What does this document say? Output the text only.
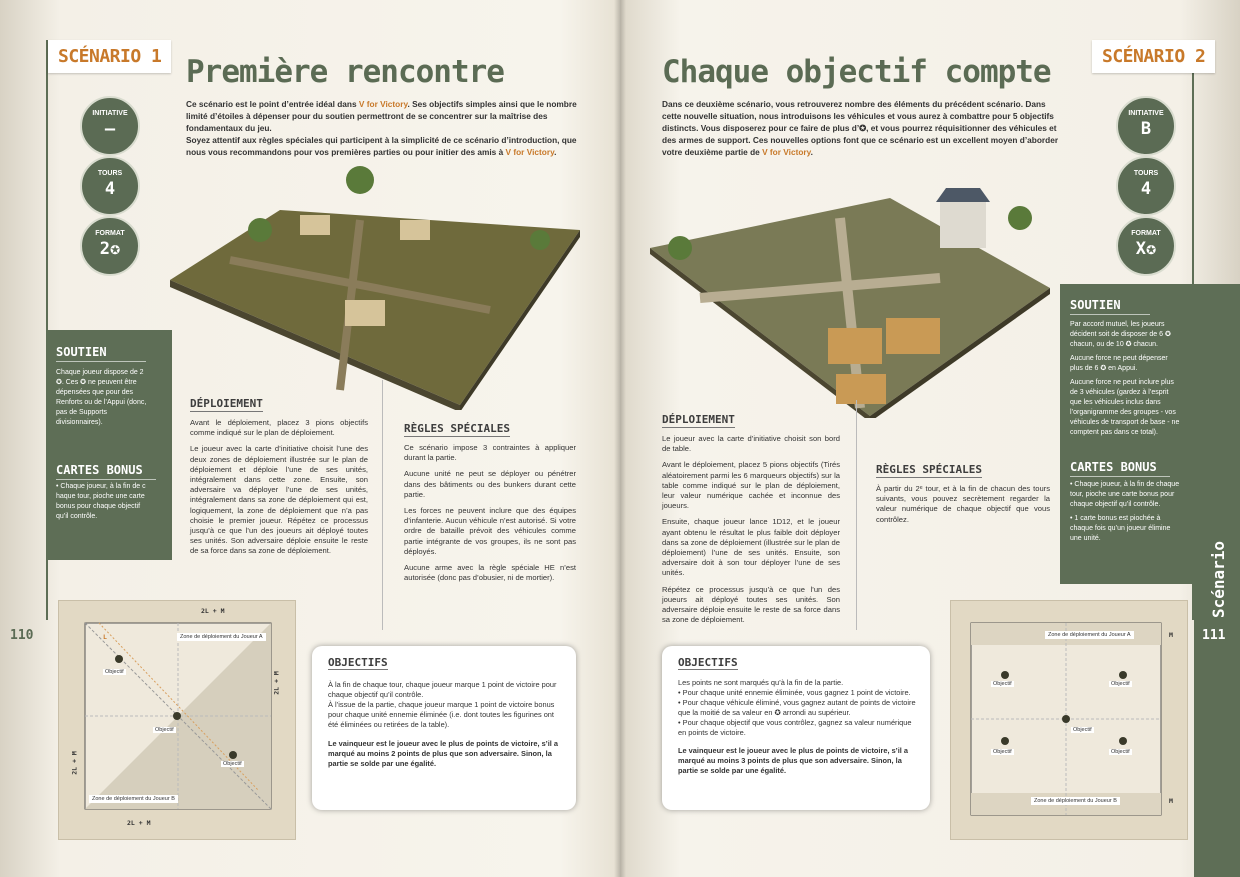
SCÉNARIO 1 Première rencontre
Ce scénario est le point d’entrée idéal dans V for Victory. Ses objectifs simples ainsi que le nombre limité d’étoiles à dépenser pour du soutien permettront de se concentrer sur la maîtrise des fondamentaux du jeu.
Soyez attentif aux règles spéciales qui participent à la simplicité de ce scénario d’introduction, que nous vous recommandons pour vos premières parties ou pour initier des amis à V for Victory.
INITIATIVE
–
TOURS
4
FORMAT
2✪
SOUTIEN
Chaque joueur dispose de 2 ✪. Ces ✪ ne peuvent être dépensées que pour des Renforts ou de l’Appui (donc, pas de Supports divisionnaires).
CARTES BONUS
• Chaque joueur, à la fin de c haque tour, pioche une carte bonus pour chaque objectif qu’il contrôle.
DÉPLOIEMENT

Avant le déploiement, placez 3 pions objectifs comme indiqué sur le plan de déploiement.

Le joueur avec la carte d’initiative choisit l’une des deux zones de déploiement illustrée sur le plan de déploiement et déploie l’une de ses unités, intégralement dans cette zone. Ensuite, son adversaire va déployer l’une de ses unités, intégralement dans sa zone de déploiement qui est, logiquement, la zone de déploiement que n’a pas choisie le premier joueur. Répétez ce processus jusqu’à ce que l’un des joueurs ait déployé toutes ses unités. Son adversaire déploie ensuite le reste de sa force dans sa zone de déploiement.

RÈGLES SPÉCIALES

Ce scénario impose 3 contraintes à appliquer durant la partie.

Aucune unité ne peut se déployer ou pénétrer dans des bâtiments ou des bunkers durant cette partie.

Les forces ne peuvent inclure que des équipes d’infanterie. Aucun véhicule n’est autorisé. Si votre ordre de bataille prévoit des véhicules comme partie intégrante de vos groupes, ils ne sont pas déployés.

Aucune arme avec la règle spéciale HE n’est autorisée (donc pas d’obusier, ni de mortier).

2L + M
2L + M
2L + M
2L + M
Zone de déploiement du Joueur A
Zone de déploiement du Joueur B
Objectif
Objectif
Objectif
L
OBJECTIFS
À la fin de chaque tour, chaque joueur marque 1 point de victoire pour chaque objectif qu’il contrôle.
À l’issue de la partie, chaque joueur marque 1 point de victoire bonus pour chaque unité ennemie éliminée (i.e. dont toutes les figurines ont été éliminées ou retirées de la table).
Le vainqueur est le joueur avec le plus de points de victoire, s’il a marqué au moins 2 points de plus que son adversaire. Sinon, la partie se solde par une égalité.
110
SCÉNARIO 2
Chaque objectif compte
Dans ce deuxième scénario, vous retrouverez nombre des éléments du précédent scénario. Dans cette nouvelle situation, nous introduisons les véhicules et vous aurez à combattre pour 5 objectifs distincts. Vous disposerez pour ce faire de plus d’✪, et vous pourrez réquisitionner des véhicules et des armes de support. Ces nouvelles options font que ce scénario est un excellent moyen d’aborder votre deuxième partie de V for Victory.
INITIATIVE
B
TOURS
4
FORMAT
X✪
SOUTIEN
Par accord mutuel, les joueurs décident soit de disposer de 6 ✪ chacun, ou de 10 ✪ chacun.
Aucune force ne peut dépenser plus de 6 ✪ en Appui.
Aucune force ne peut inclure plus de 3 véhicules (gardez à l’esprit que les véhicules inclus dans l’organigramme des groupes - vos véhicules de transport de base - ne comptent pas dans ce total).
CARTES BONUS
• Chaque joueur, à la fin de chaque tour, pioche une carte bonus pour chaque objectif qu’il contrôle.
• 1 carte bonus est piochée à chaque fois qu’un joueur élimine une unité.
DÉPLOIEMENT

Le joueur avec la carte d’initiative choisit son bord de table.

Avant le déploiement, placez 5 pions objectifs (Tirés aléatoirement parmi les 6 marqueurs objectifs) sur la table comme indiqué sur le plan de déploiement, leur valeur numérique cachée et inconnue des joueurs.

Ensuite, chaque joueur lance 1D12, et le joueur ayant obtenu le résultat le plus faible doit déployer dans sa zone de déploiement (illustrée sur le plan de déploiement) l’une de ses unités. Ensuite, son adversaire doit à son tour déployer l’une de ses unités.

Répétez ce processus jusqu’à ce que l’un des joueurs ait déployé toutes ses unités. Son adversaire déploie ensuite le reste de sa force dans sa zone de déploiement.

RÈGLES SPÉCIALES

À partir du 2ᵉ tour, et à la fin de chacun des tours suivants, vous pouvez secrètement regarder la valeur numérique de chaque objectif que vous contrôlez.

OBJECTIFS
Les points ne sont marqués qu’à la fin de la partie.
• Pour chaque unité ennemie éliminée, vous gagnez 1 point de victoire.
• Pour chaque véhicule éliminé, vous gagnez autant de points de victoire que la moitié de sa valeur en ✪ arrondi au supérieur.
• Pour chaque objectif que vous contrôlez, gagnez sa valeur numérique en points de victoire.
Le vainqueur est le joueur avec le plus de points de victoire, s’il a marqué au moins 3 points de plus que son adversaire. Sinon, la partie se solde par une égalité.
Zone de déploiement du Joueur A
Zone de déploiement du Joueur B
M
M
Objectif	Objectif
Objectif
Objectif	Objectif
111
Scénario
